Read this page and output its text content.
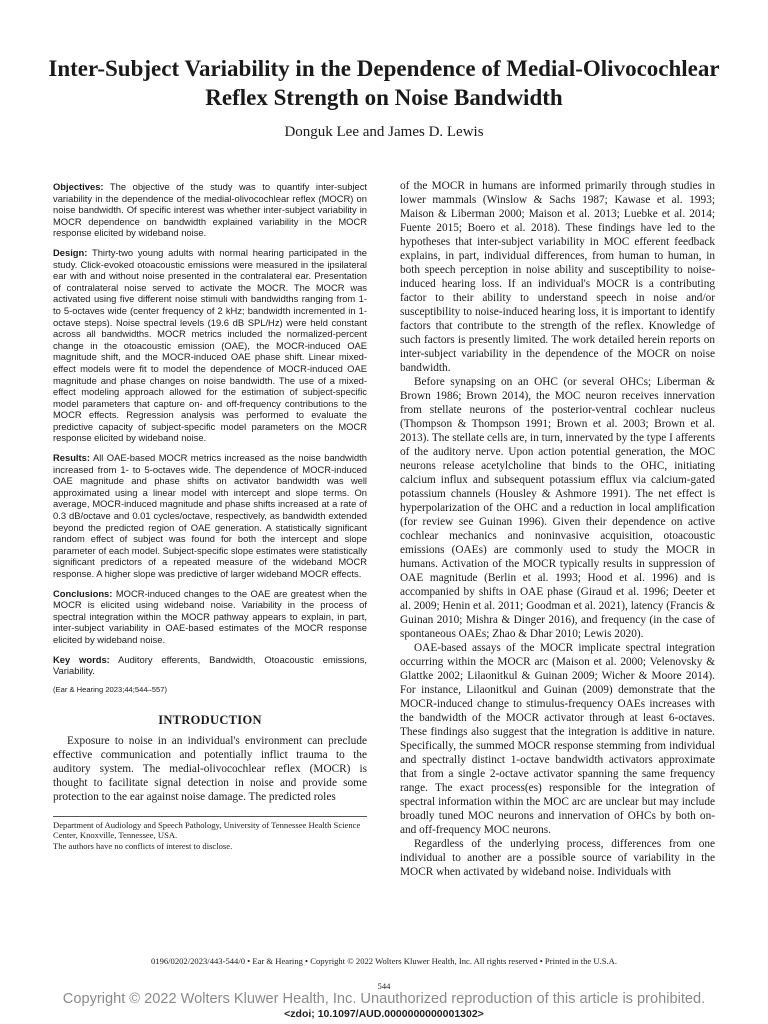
Inter-Subject Variability in the Dependence of Medial-Olivocochlear Reflex Strength on Noise Bandwidth
Donguk Lee and James D. Lewis

Objectives: The objective of the study was to quantify inter-subject variability in the dependence of the medial-olivocochlear reflex (MOCR) on noise bandwidth. Of specific interest was whether inter-subject variability in MOCR dependence on bandwidth explained variability in the MOCR response elicited by wideband noise.

Design: Thirty-two young adults with normal hearing participated in the study. Click-evoked otoacoustic emissions were measured in the ipsilateral ear with and without noise presented in the contralateral ear. Presentation of contralateral noise served to activate the MOCR. The MOCR was activated using five different noise stimuli with bandwidths ranging from 1- to 5-octaves wide (center frequency of 2 kHz; bandwidth incremented in 1-octave steps). Noise spectral levels (19.6 dB SPL/Hz) were held constant across all bandwidths. MOCR metrics included the normalized-percent change in the otoacoustic emission (OAE), the MOCR-induced OAE magnitude shift, and the MOCR-induced OAE phase shift. Linear mixed-effect models were fit to model the dependence of MOCR-induced OAE magnitude and phase changes on noise bandwidth. The use of a mixed-effect modeling approach allowed for the estimation of subject-specific model parameters that capture on- and off-frequency contributions to the MOCR effects. Regression analysis was performed to evaluate the predictive capacity of subject-specific model parameters on the MOCR response elicited by wideband noise.

Results: All OAE-based MOCR metrics increased as the noise bandwidth increased from 1- to 5-octaves wide. The dependence of MOCR-induced OAE magnitude and phase shifts on activator bandwidth was well approximated using a linear model with intercept and slope terms. On average, MOCR-induced magnitude and phase shifts increased at a rate of 0.3 dB/octave and 0.01 cycles/octave, respectively, as bandwidth extended beyond the predicted region of OAE generation. A statistically significant random effect of subject was found for both the intercept and slope parameter of each model. Subject-specific slope estimates were statistically significant predictors of a repeated measure of the wideband MOCR response. A higher slope was predictive of larger wideband MOCR effects.

Conclusions: MOCR-induced changes to the OAE are greatest when the MOCR is elicited using wideband noise. Variability in the process of spectral integration within the MOCR pathway appears to explain, in part, inter-subject variability in OAE-based estimates of the MOCR response elicited by wideband noise.

Key words: Auditory efferents, Bandwidth, Otoacoustic emissions, Variability.

(Ear & Hearing 2023;44;544–557)

INTRODUCTION

Exposure to noise in an individual's environment can preclude effective communication and potentially inflict trauma to the auditory system. The medial-olivocochlear reflex (MOCR) is thought to facilitate signal detection in noise and provide some protection to the ear against noise damage. The predicted roles

Department of Audiology and Speech Pathology, University of Tennessee Health Science Center, Knoxville, Tennessee, USA.

The authors have no conflicts of interest to disclose.

of the MOCR in humans are informed primarily through studies in lower mammals (Winslow & Sachs 1987; Kawase et al. 1993; Maison & Liberman 2000; Maison et al. 2013; Luebke et al. 2014; Fuente 2015; Boero et al. 2018). These findings have led to the hypotheses that inter-subject variability in MOC efferent feedback explains, in part, individual differences, from human to human, in both speech perception in noise ability and susceptibility to noise-induced hearing loss. If an individual's MOCR is a contributing factor to their ability to understand speech in noise and/or susceptibility to noise-induced hearing loss, it is important to identify factors that contribute to the strength of the reflex. Knowledge of such factors is presently limited. The work detailed herein reports on inter-subject variability in the dependence of the MOCR on noise bandwidth.

Before synapsing on an OHC (or several OHCs; Liberman & Brown 1986; Brown 2014), the MOC neuron receives innervation from stellate neurons of the posterior-ventral cochlear nucleus (Thompson & Thompson 1991; Brown et al. 2003; Brown et al. 2013). The stellate cells are, in turn, innervated by the type I afferents of the auditory nerve. Upon action potential generation, the MOC neurons release acetylcholine that binds to the OHC, initiating calcium influx and subsequent potassium efflux via calcium-gated potassium channels (Housley & Ashmore 1991). The net effect is hyperpolarization of the OHC and a reduction in local amplification (for review see Guinan 1996). Given their dependence on active cochlear mechanics and noninvasive acquisition, otoacoustic emissions (OAEs) are commonly used to study the MOCR in humans. Activation of the MOCR typically results in suppression of OAE magnitude (Berlin et al. 1993; Hood et al. 1996) and is accompanied by shifts in OAE phase (Giraud et al. 1996; Deeter et al. 2009; Henin et al. 2011; Goodman et al. 2021), latency (Francis & Guinan 2010; Mishra & Dinger 2016), and frequency (in the case of spontaneous OAEs; Zhao & Dhar 2010; Lewis 2020).

OAE-based assays of the MOCR implicate spectral integration occurring within the MOCR arc (Maison et al. 2000; Velenovsky & Glattke 2002; Lilaonitkul & Guinan 2009; Wicher & Moore 2014). For instance, Lilaonitkul and Guinan (2009) demonstrate that the MOCR-induced change to stimulus-frequency OAEs increases with the bandwidth of the MOCR activator through at least 6-octaves. These findings also suggest that the integration is additive in nature. Specifically, the summed MOCR response stemming from individual and spectrally distinct 1-octave bandwidth activators approximate that from a single 2-octave activator spanning the same frequency range. The exact process(es) responsible for the integration of spectral information within the MOC arc are unclear but may include broadly tuned MOC neurons and innervation of OHCs by both on- and off-frequency MOC neurons.

Regardless of the underlying process, differences from one individual to another are a possible source of variability in the MOCR when activated by wideband noise. Individuals with

0196/0202/2023/443-544/0 • Ear & Hearing • Copyright © 2022 Wolters Kluwer Health, Inc. All rights reserved • Printed in the U.S.A.
544
Copyright © 2022 Wolters Kluwer Health, Inc. Unauthorized reproduction of this article is prohibited.
<zdoi; 10.1097/AUD.0000000000001302>
